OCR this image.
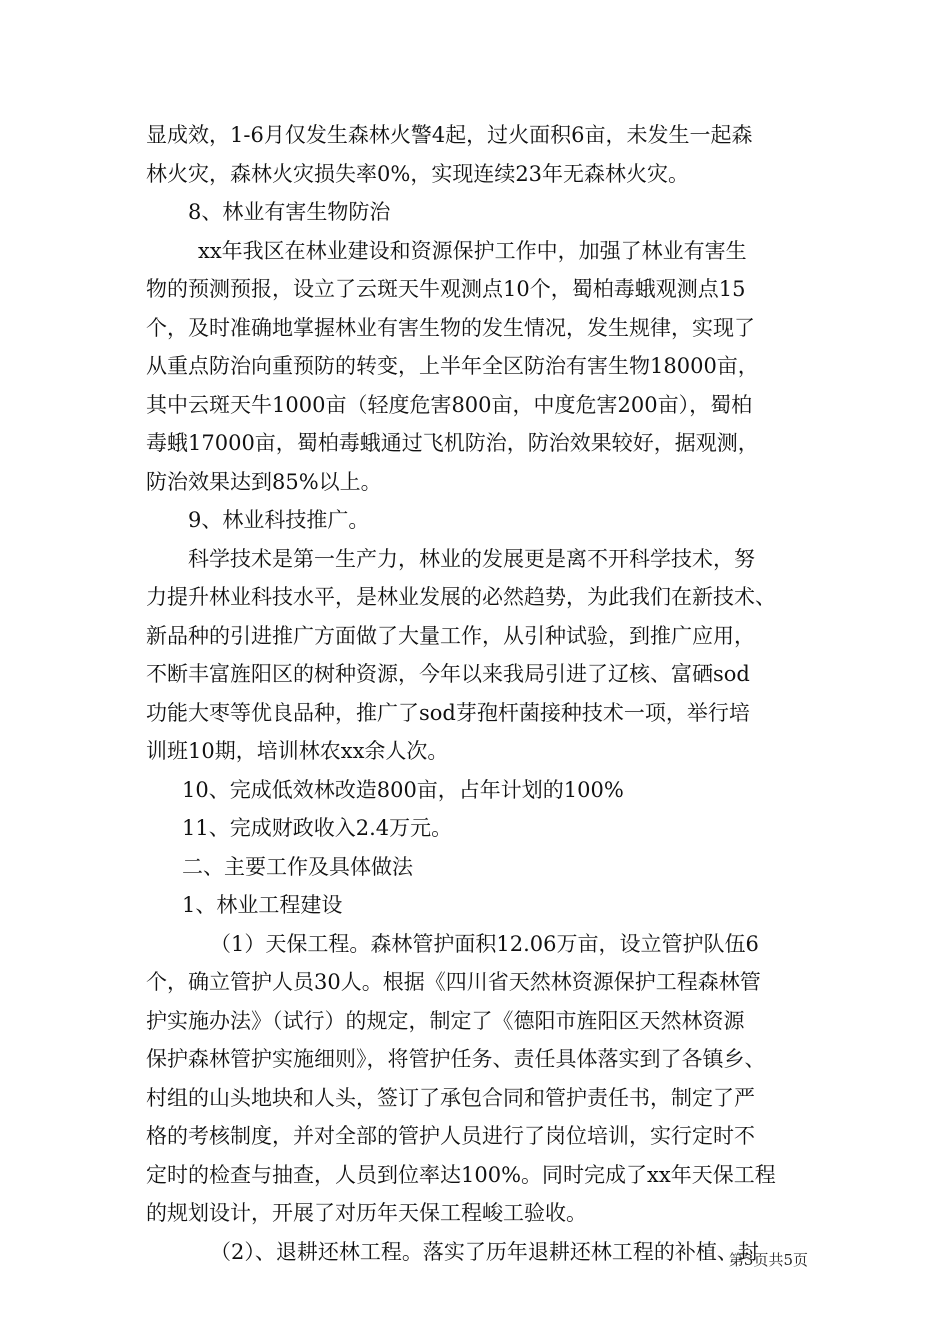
显成效，1-6月仅发生森林火警4起，过火面积6亩，未发生一起森
林火灾，森林火灾损失率0%，实现连续23年无森林火灾。
8、林业有害生物防治
xx年我区在林业建设和资源保护工作中，加强了林业有害生
物的预测预报，设立了云斑天牛观测点10个，蜀柏毒蛾观测点15
个，及时准确地掌握林业有害生物的发生情况，发生规律，实现了
从重点防治向重预防的转变，上半年全区防治有害生物18000亩，
其中云斑天牛1000亩（轻度危害800亩，中度危害200亩），蜀柏
毒蛾17000亩，蜀柏毒蛾通过飞机防治，防治效果较好，据观测，
防治效果达到85%以上。
9、林业科技推广。
科学技术是第一生产力，林业的发展更是离不开科学技术，努
力提升林业科技水平，是林业发展的必然趋势，为此我们在新技术、
新品种的引进推广方面做了大量工作，从引种试验，到推广应用，
不断丰富旌阳区的树种资源，今年以来我局引进了辽核、富硒sod
功能大枣等优良品种，推广了sod芽孢杆菌接种技术一项，举行培
训班10期，培训林农xx余人次。
10、完成低效林改造800亩，占年计划的100%
11、完成财政收入2.4万元。
二、主要工作及具体做法
1、林业工程建设
（1）天保工程。森林管护面积12.06万亩，设立管护队伍6
个，确立管护人员30人。根据《四川省天然林资源保护工程森林管
护实施办法》（试行）的规定，制定了《德阳市旌阳区天然林资源
保护森林管护实施细则》，将管护任务、责任具体落实到了各镇乡、
村组的山头地块和人头，签订了承包合同和管护责任书，制定了严
格的考核制度，并对全部的管护人员进行了岗位培训，实行定时不
定时的检查与抽查，人员到位率达100%。同时完成了xx年天保工程
的规划设计，开展了对历年天保工程峻工验收。
（2）、退耕还林工程。落实了历年退耕还林工程的补植、封
第3页共5页
